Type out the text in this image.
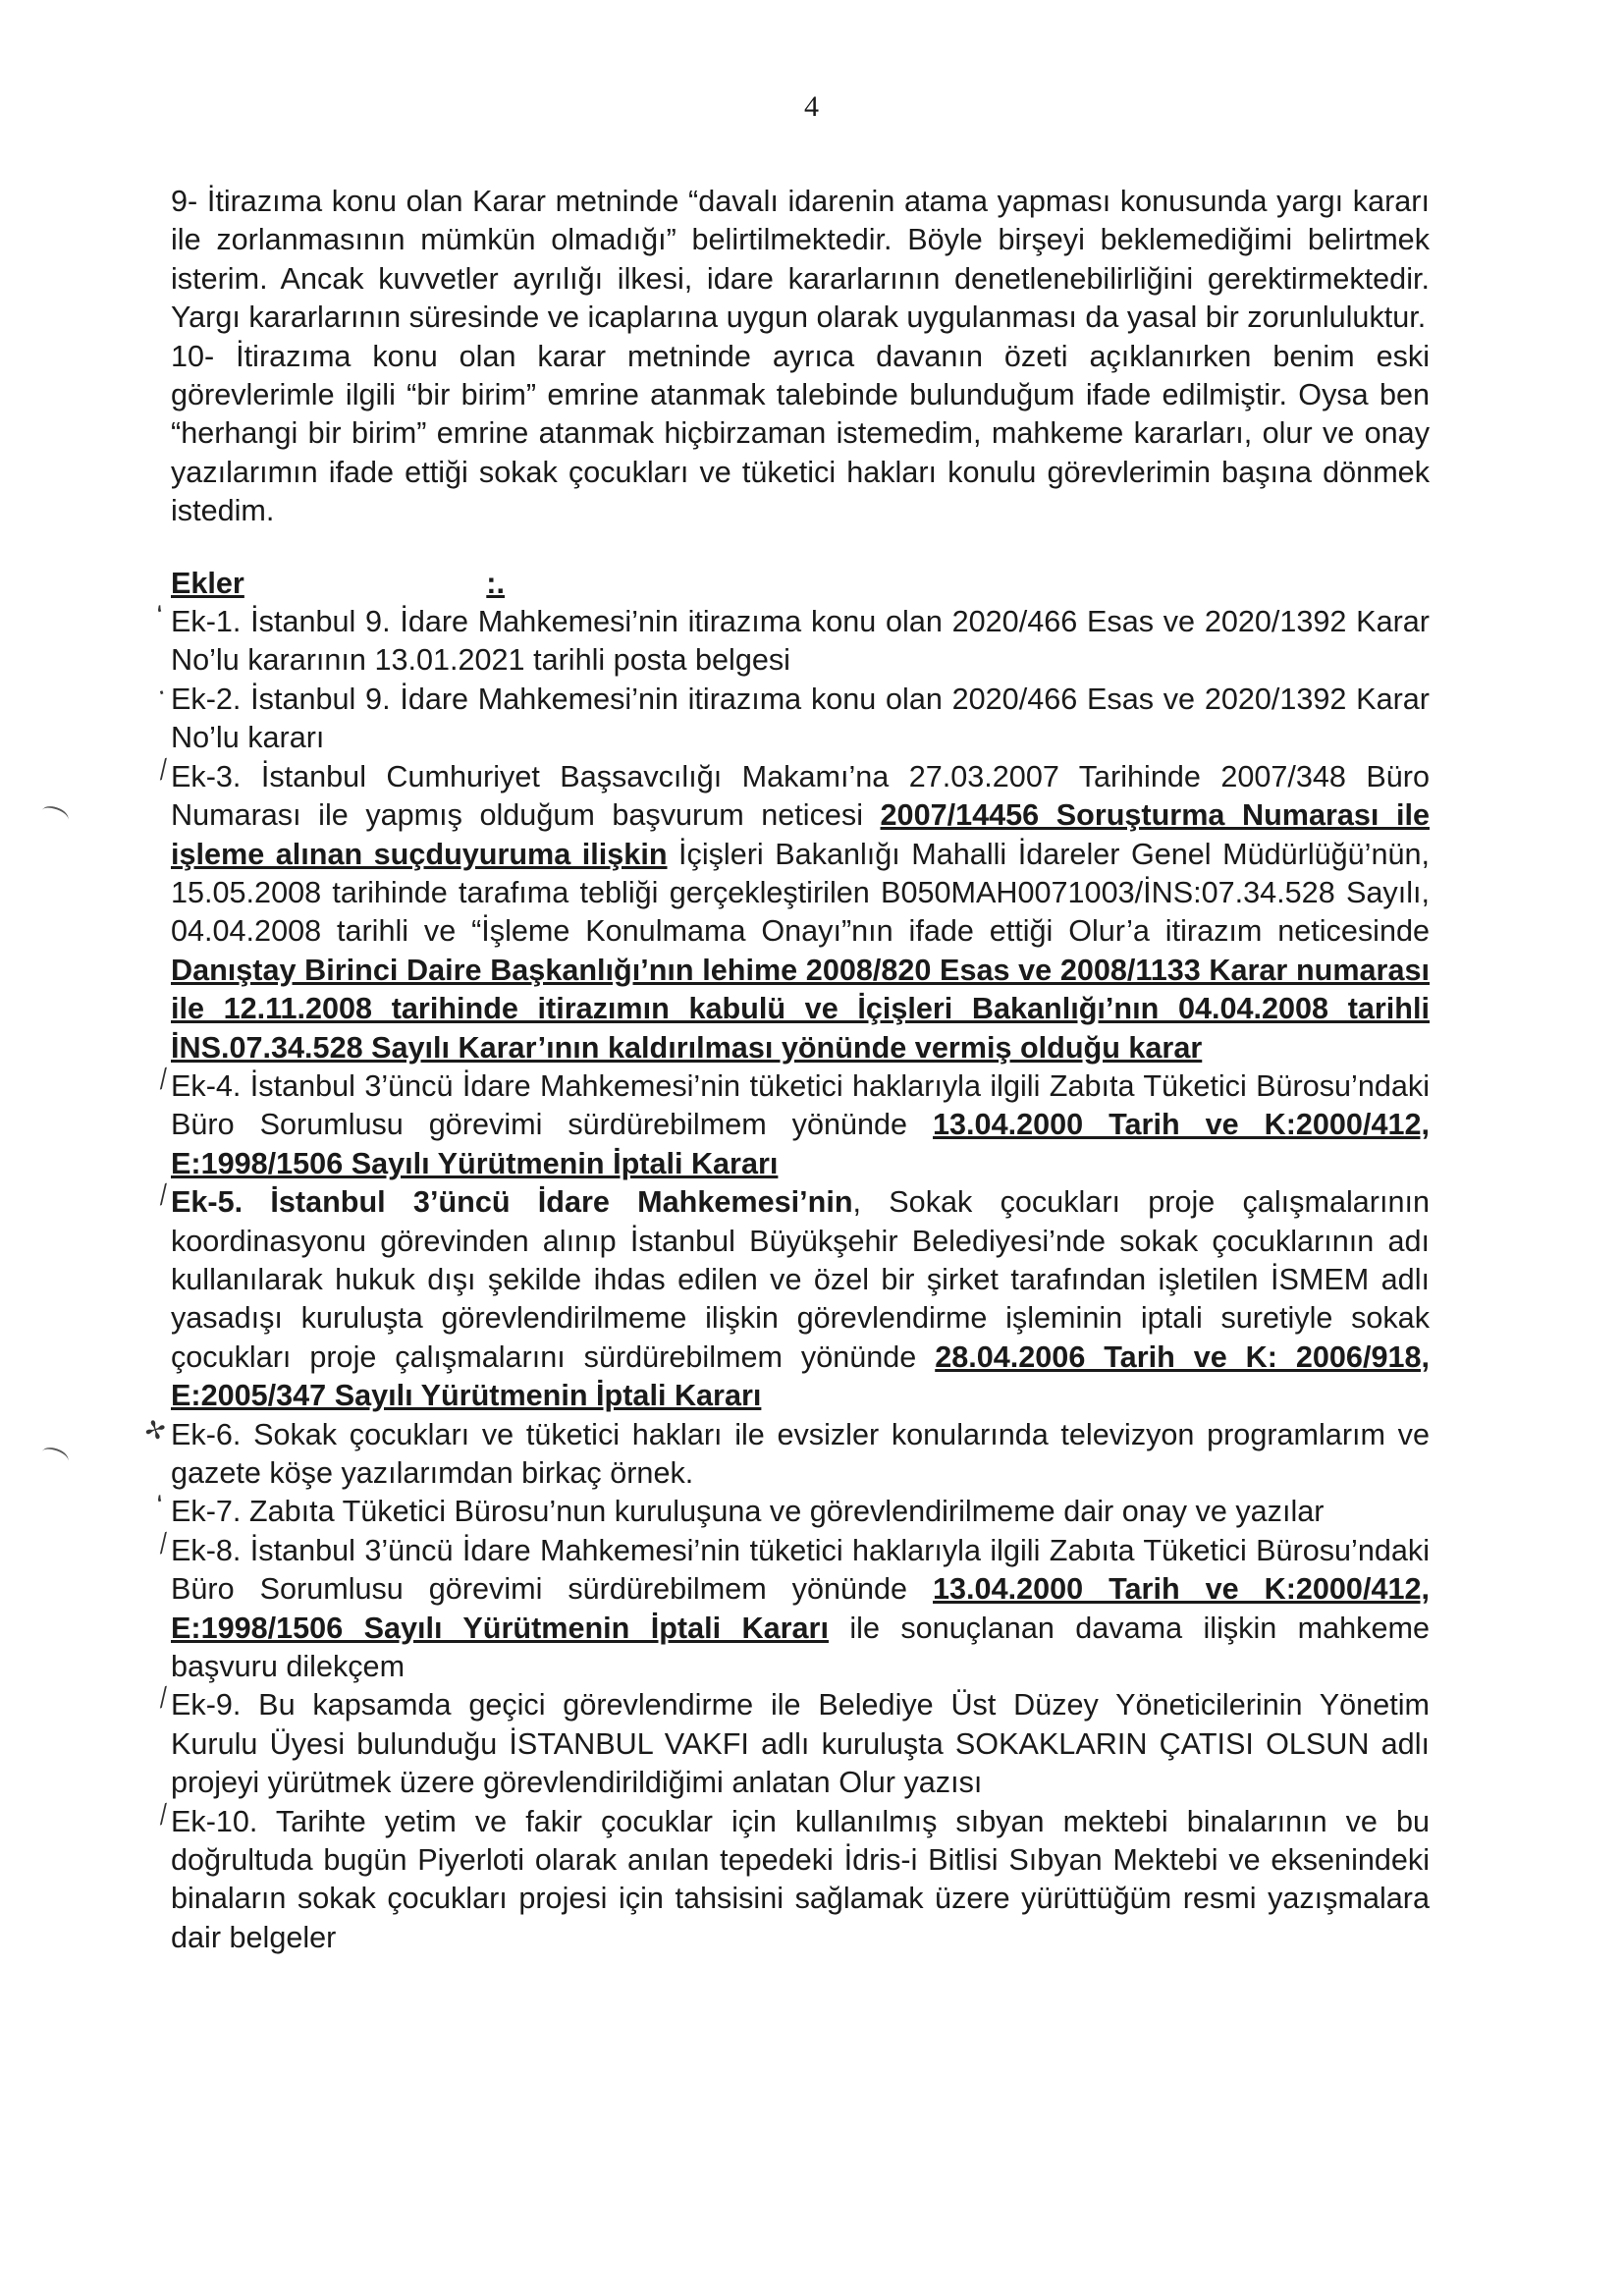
4

9- İtirazıma konu olan Karar metninde “davalı idarenin atama yapması konusunda yargı kararı ile zorlanmasının mümkün olmadığı” belirtilmektedir. Böyle birşeyi beklemediğimi belirtmek isterim. Ancak kuvvetler ayrılığı ilkesi, idare kararlarının denetlenebilirliğini gerektirmektedir. Yargı kararlarının süresinde ve icaplarına uygun olarak uygulanması da yasal bir zorunluluktur.

10- İtirazıma konu olan karar metninde ayrıca davanın özeti açıklanırken benim eski görevlerimle ilgili “bir birim” emrine atanmak talebinde bulunduğum ifade edilmiştir. Oysa ben “herhangi bir birim” emrine atanmak hiçbirzaman istemedim, mahkeme kararları, olur ve onay yazılarımın ifade ettiği sokak çocukları ve tüketici hakları konulu görevlerimin başına dönmek istedim.

Ekler	:.

‘ Ek-1. İstanbul 9. İdare Mahkemesi’nin itirazıma konu olan 2020/466 Esas ve 2020/1392 Karar No’lu kararının 13.01.2021 tarihli posta belgesi

· Ek-2. İstanbul 9. İdare Mahkemesi’nin itirazıma konu olan 2020/466 Esas ve 2020/1392 Karar No’lu kararı

⁄ Ek-3. İstanbul Cumhuriyet Başsavcılığı Makamı’na 27.03.2007 Tarihinde 2007/348 Büro Numarası ile yapmış olduğum başvurum neticesi 2007/14456 Soruşturma Numarası ile işleme alınan suçduyuruma ilişkin İçişleri Bakanlığı Mahalli İdareler Genel Müdürlüğü’nün, 15.05.2008 tarihinde tarafıma tebliği gerçekleştirilen B050MAH0071003/İNS:07.34.528 Sayılı, 04.04.2008 tarihli ve “İşleme Konulmama Onayı”nın ifade ettiği Olur’a itirazım neticesinde Danıştay Birinci Daire Başkanlığı’nın lehime 2008/820 Esas ve 2008/1133 Karar numarası ile 12.11.2008 tarihinde itirazımın kabulü ve İçişleri Bakanlığı’nın 04.04.2008 tarihli İNS.07.34.528 Sayılı Karar’ının kaldırılması yönünde vermiş olduğu karar

⁄ Ek-4. İstanbul 3’üncü İdare Mahkemesi’nin tüketici haklarıyla ilgili Zabıta Tüketici Bürosu’ndaki Büro Sorumlusu görevimi sürdürebilmem yönünde 13.04.2000 Tarih ve K:2000/412, E:1998/1506 Sayılı Yürütmenin İptali Kararı

⁄ Ek-5. İstanbul 3’üncü İdare Mahkemesi’nin, Sokak çocukları proje çalışmalarının koordinasyonu görevinden alınıp İstanbul Büyükşehir Belediyesi’nde sokak çocuklarının adı kullanılarak hukuk dışı şekilde ihdas edilen ve özel bir şirket tarafından işletilen İSMEM adlı yasadışı kuruluşta görevlendirilmeme ilişkin görevlendirme işleminin iptali suretiyle sokak çocukları proje çalışmalarını sürdürebilmem yönünde 28.04.2006 Tarih ve K: 2006/918, E:2005/347 Sayılı Yürütmenin İptali Kararı

✢ Ek-6. Sokak çocukları ve tüketici hakları ile evsizler konularında televizyon programlarım ve gazete köşe yazılarımdan birkaç örnek.

‘ Ek-7. Zabıta Tüketici Bürosu’nun kuruluşuna ve görevlendirilmeme dair onay ve yazılar

⁄ Ek-8. İstanbul 3’üncü İdare Mahkemesi’nin tüketici haklarıyla ilgili Zabıta Tüketici Bürosu’ndaki Büro Sorumlusu görevimi sürdürebilmem yönünde 13.04.2000 Tarih ve K:2000/412, E:1998/1506 Sayılı Yürütmenin İptali Kararı ile sonuçlanan davama ilişkin mahkeme başvuru dilekçem

⁄ Ek-9. Bu kapsamda geçici görevlendirme ile Belediye Üst Düzey Yöneticilerinin Yönetim Kurulu Üyesi bulunduğu İSTANBUL VAKFI adlı kuruluşta SOKAKLARIN ÇATISI OLSUN adlı projeyi yürütmek üzere görevlendirildiğimi anlatan Olur yazısı

⁄ Ek-10. Tarihte yetim ve fakir çocuklar için kullanılmış sıbyan mektebi binalarının ve bu doğrultuda bugün Piyerloti olarak anılan tepedeki İdris-i Bitlisi Sıbyan Mektebi ve eksenindeki binaların sokak çocukları projesi için tahsisini sağlamak üzere yürüttüğüm resmi yazışmalara dair belgeler
